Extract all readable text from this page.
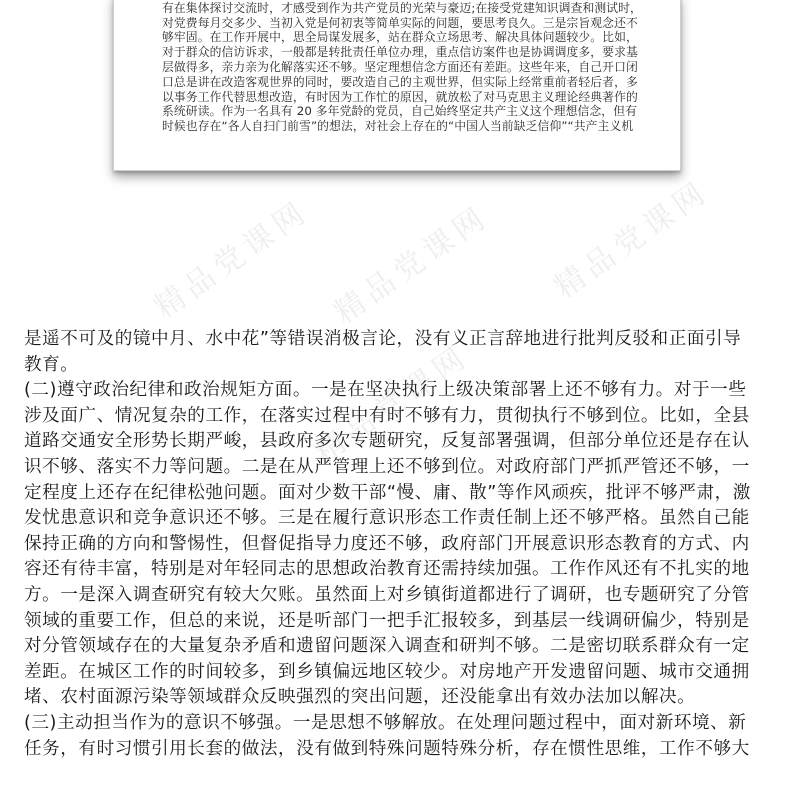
有在集体探讨交流时，才感受到作为共产党员的光荣与豪迈;在接受党建知识调查和测试时，

对党费每月交多少、当初入党是何初衷等简单实际的问题，要思考良久。三是宗旨观念还不

够牢固。在工作开展中，思全局谋发展多，站在群众立场思考、解决具体问题较少。比如，

对于群众的信访诉求，一般都是转批责任单位办理，重点信访案件也是协调调度多，要求基

层做得多，亲力亲为化解落实还不够。坚定理想信念方面还有差距。这些年来，自己开口闭

口总是讲在改造客观世界的同时，要改造自己的主观世界，但实际上经常重前者轻后者，多

以事务工作代替思想改造，有时因为工作忙的原因，就放松了对马克思主义理论经典著作的

系统研读。作为一名具有 20 多年党龄的党员，自己始终坚定共产主义这个理想信念，但有

时候也存在“各人自扫门前雪”的想法，对社会上存在的“中国人当前缺乏信仰”“共产主义机

精品党课网
精品党课网
精品党课网
精品党课网

是遥不可及的镜中月、水中花”等错误消极言论，没有义正言辞地进行批判反驳和正面引导

教育。

(二)遵守政治纪律和政治规矩方面。一是在坚决执行上级决策部署上还不够有力。对于一些

涉及面广、情况复杂的工作，在落实过程中有时不够有力，贯彻执行不够到位。比如，全县

道路交通安全形势长期严峻，县政府多次专题研究，反复部署强调，但部分单位还是存在认

识不够、落实不力等问题。二是在从严管理上还不够到位。对政府部门严抓严管还不够，一

定程度上还存在纪律松弛问题。面对少数干部“慢、庸、散”等作风顽疾，批评不够严肃，激

发忧患意识和竞争意识还不够。三是在履行意识形态工作责任制上还不够严格。虽然自己能

保持正确的方向和警惕性，但督促指导力度还不够，政府部门开展意识形态教育的方式、内

容还有待丰富，特别是对年轻同志的思想政治教育还需持续加强。工作作风还有不扎实的地

方。一是深入调查研究有较大欠账。虽然面上对乡镇街道都进行了调研，也专题研究了分管

领域的重要工作，但总的来说，还是听部门一把手汇报较多，到基层一线调研偏少，特别是

对分管领域存在的大量复杂矛盾和遗留问题深入调查和研判不够。二是密切联系群众有一定

差距。在城区工作的时间较多，到乡镇偏远地区较少。对房地产开发遗留问题、城市交通拥

堵、农村面源污染等领域群众反映强烈的突出问题，还没能拿出有效办法加以解决。

(三)主动担当作为的意识不够强。一是思想不够解放。在处理问题过程中，面对新环境、新

任务，有时习惯引用长套的做法，没有做到特殊问题特殊分析，存在惯性思维，工作不够大
